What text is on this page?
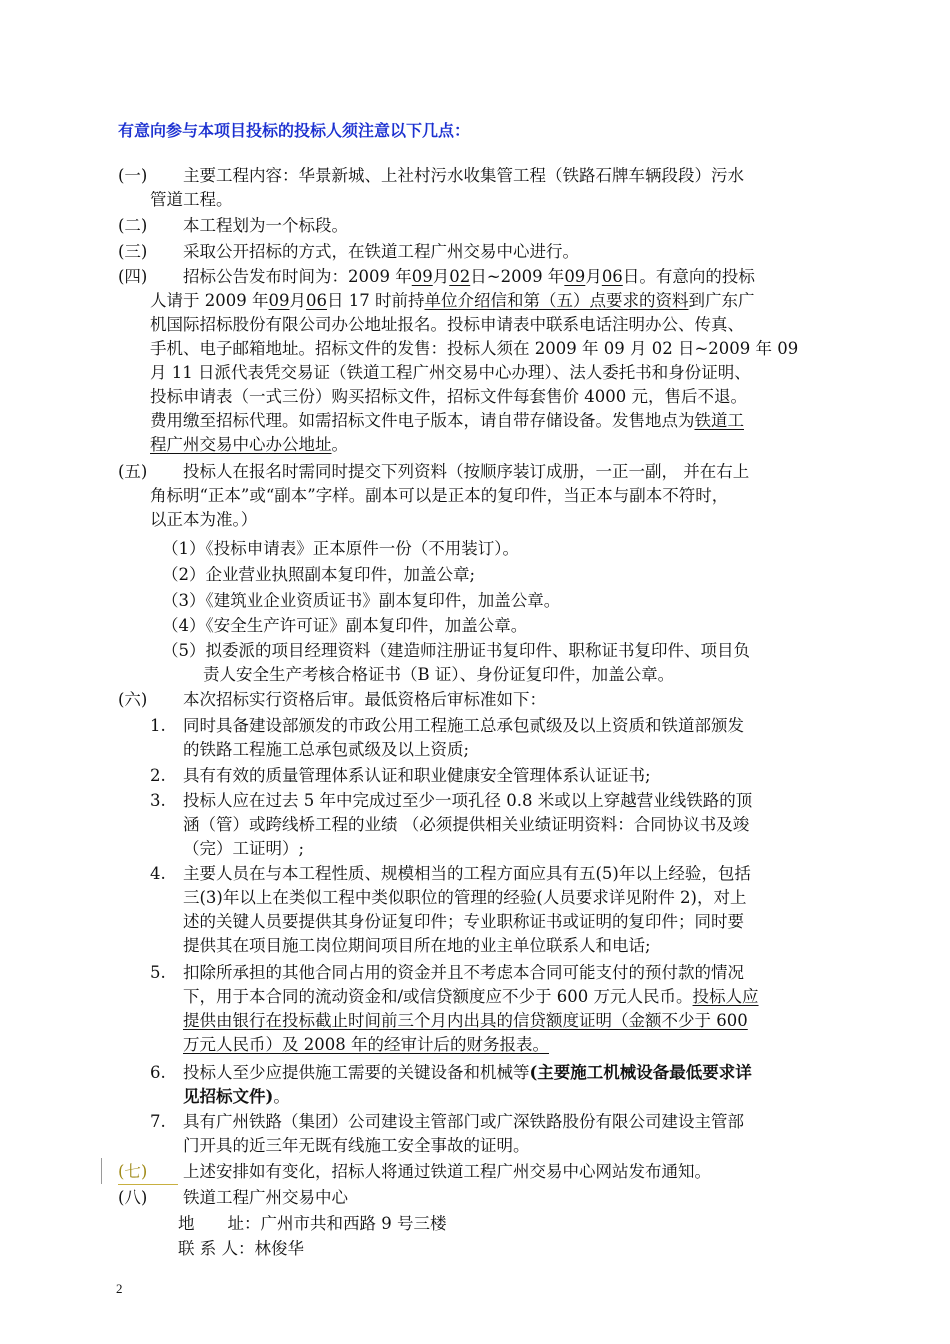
有意向参与本项目投标的投标人须注意以下几点：
(一) 主要工程内容：华景新城、上社村污水收集管工程（铁路石牌车辆段段）污水
管道工程。
(二) 本工程划为一个标段。
(三) 采取公开招标的方式，在铁道工程广州交易中心进行。
(四) 招标公告发布时间为：2009 年09月02日~2009 年09月06日。有意向的投标
人请于 2009 年09月06日 17 时前持单位介绍信和第（五）点要求的资料到广东广
机国际招标股份有限公司办公地址报名。投标申请表中联系电话注明办公、传真、
手机、电子邮箱地址。招标文件的发售：投标人须在 2009 年 09 月 02 日~2009 年 09
月 11 日派代表凭交易证（铁道工程广州交易中心办理）、法人委托书和身份证明、
投标申请表（一式三份）购买招标文件，招标文件每套售价 4000 元，售后不退。
费用缴至招标代理。如需招标文件电子版本，请自带存储设备。发售地点为铁道工
程广州交易中心办公地址。
(五) 投标人在报名时需同时提交下列资料（按顺序装订成册，一正一副， 并在右上
角标明“正本”或“副本”字样。副本可以是正本的复印件，当正本与副本不符时，
以正本为准。）
（1）《投标申请表》正本原件一份（不用装订）。
（2）企业营业执照副本复印件，加盖公章;
（3）《建筑业企业资质证书》副本复印件，加盖公章。
（4）《安全生产许可证》副本复印件，加盖公章。
（5）拟委派的项目经理资料（建造师注册证书复印件、职称证书复印件、项目负
责人安全生产考核合格证书（B 证）、身份证复印件，加盖公章。
(六) 本次招标实行资格后审。最低资格后审标准如下：
1. 同时具备建设部颁发的市政公用工程施工总承包贰级及以上资质和铁道部颁发
的铁路工程施工总承包贰级及以上资质;
2. 具有有效的质量管理体系认证和职业健康安全管理体系认证证书;
3. 投标人应在过去 5 年中完成过至少一项孔径 0.8 米或以上穿越营业线铁路的顶
涵（管）或跨线桥工程的业绩 （必须提供相关业绩证明资料：合同协议书及竣
（完）工证明）;
4. 主要人员在与本工程性质、规模相当的工程方面应具有五(5)年以上经验，包括
三(3)年以上在类似工程中类似职位的管理的经验(人员要求详见附件 2)，对上
述的关键人员要提供其身份证复印件；专业职称证书或证明的复印件；同时要
提供其在项目施工岗位期间项目所在地的业主单位联系人和电话;
5. 扣除所承担的其他合同占用的资金并且不考虑本合同可能支付的预付款的情况
下，用于本合同的流动资金和/或信贷额度应不少于 600 万元人民币。投标人应
提供由银行在投标截止时间前三个月内出具的信贷额度证明（金额不少于 600
万元人民币）及 2008 年的经审计后的财务报表。
6. 投标人至少应提供施工需要的关键设备和机械等(主要施工机械设备最低要求详
见招标文件)。
7. 具有广州铁路（集团）公司建设主管部门或广深铁路股份有限公司建设主管部
门开具的近三年无既有线施工安全事故的证明。
(七) 上述安排如有变化，招标人将通过铁道工程广州交易中心网站发布通知。
(八) 铁道工程广州交易中心
地　　址：广州市共和西路 9 号三楼
联 系 人：林俊华
2
